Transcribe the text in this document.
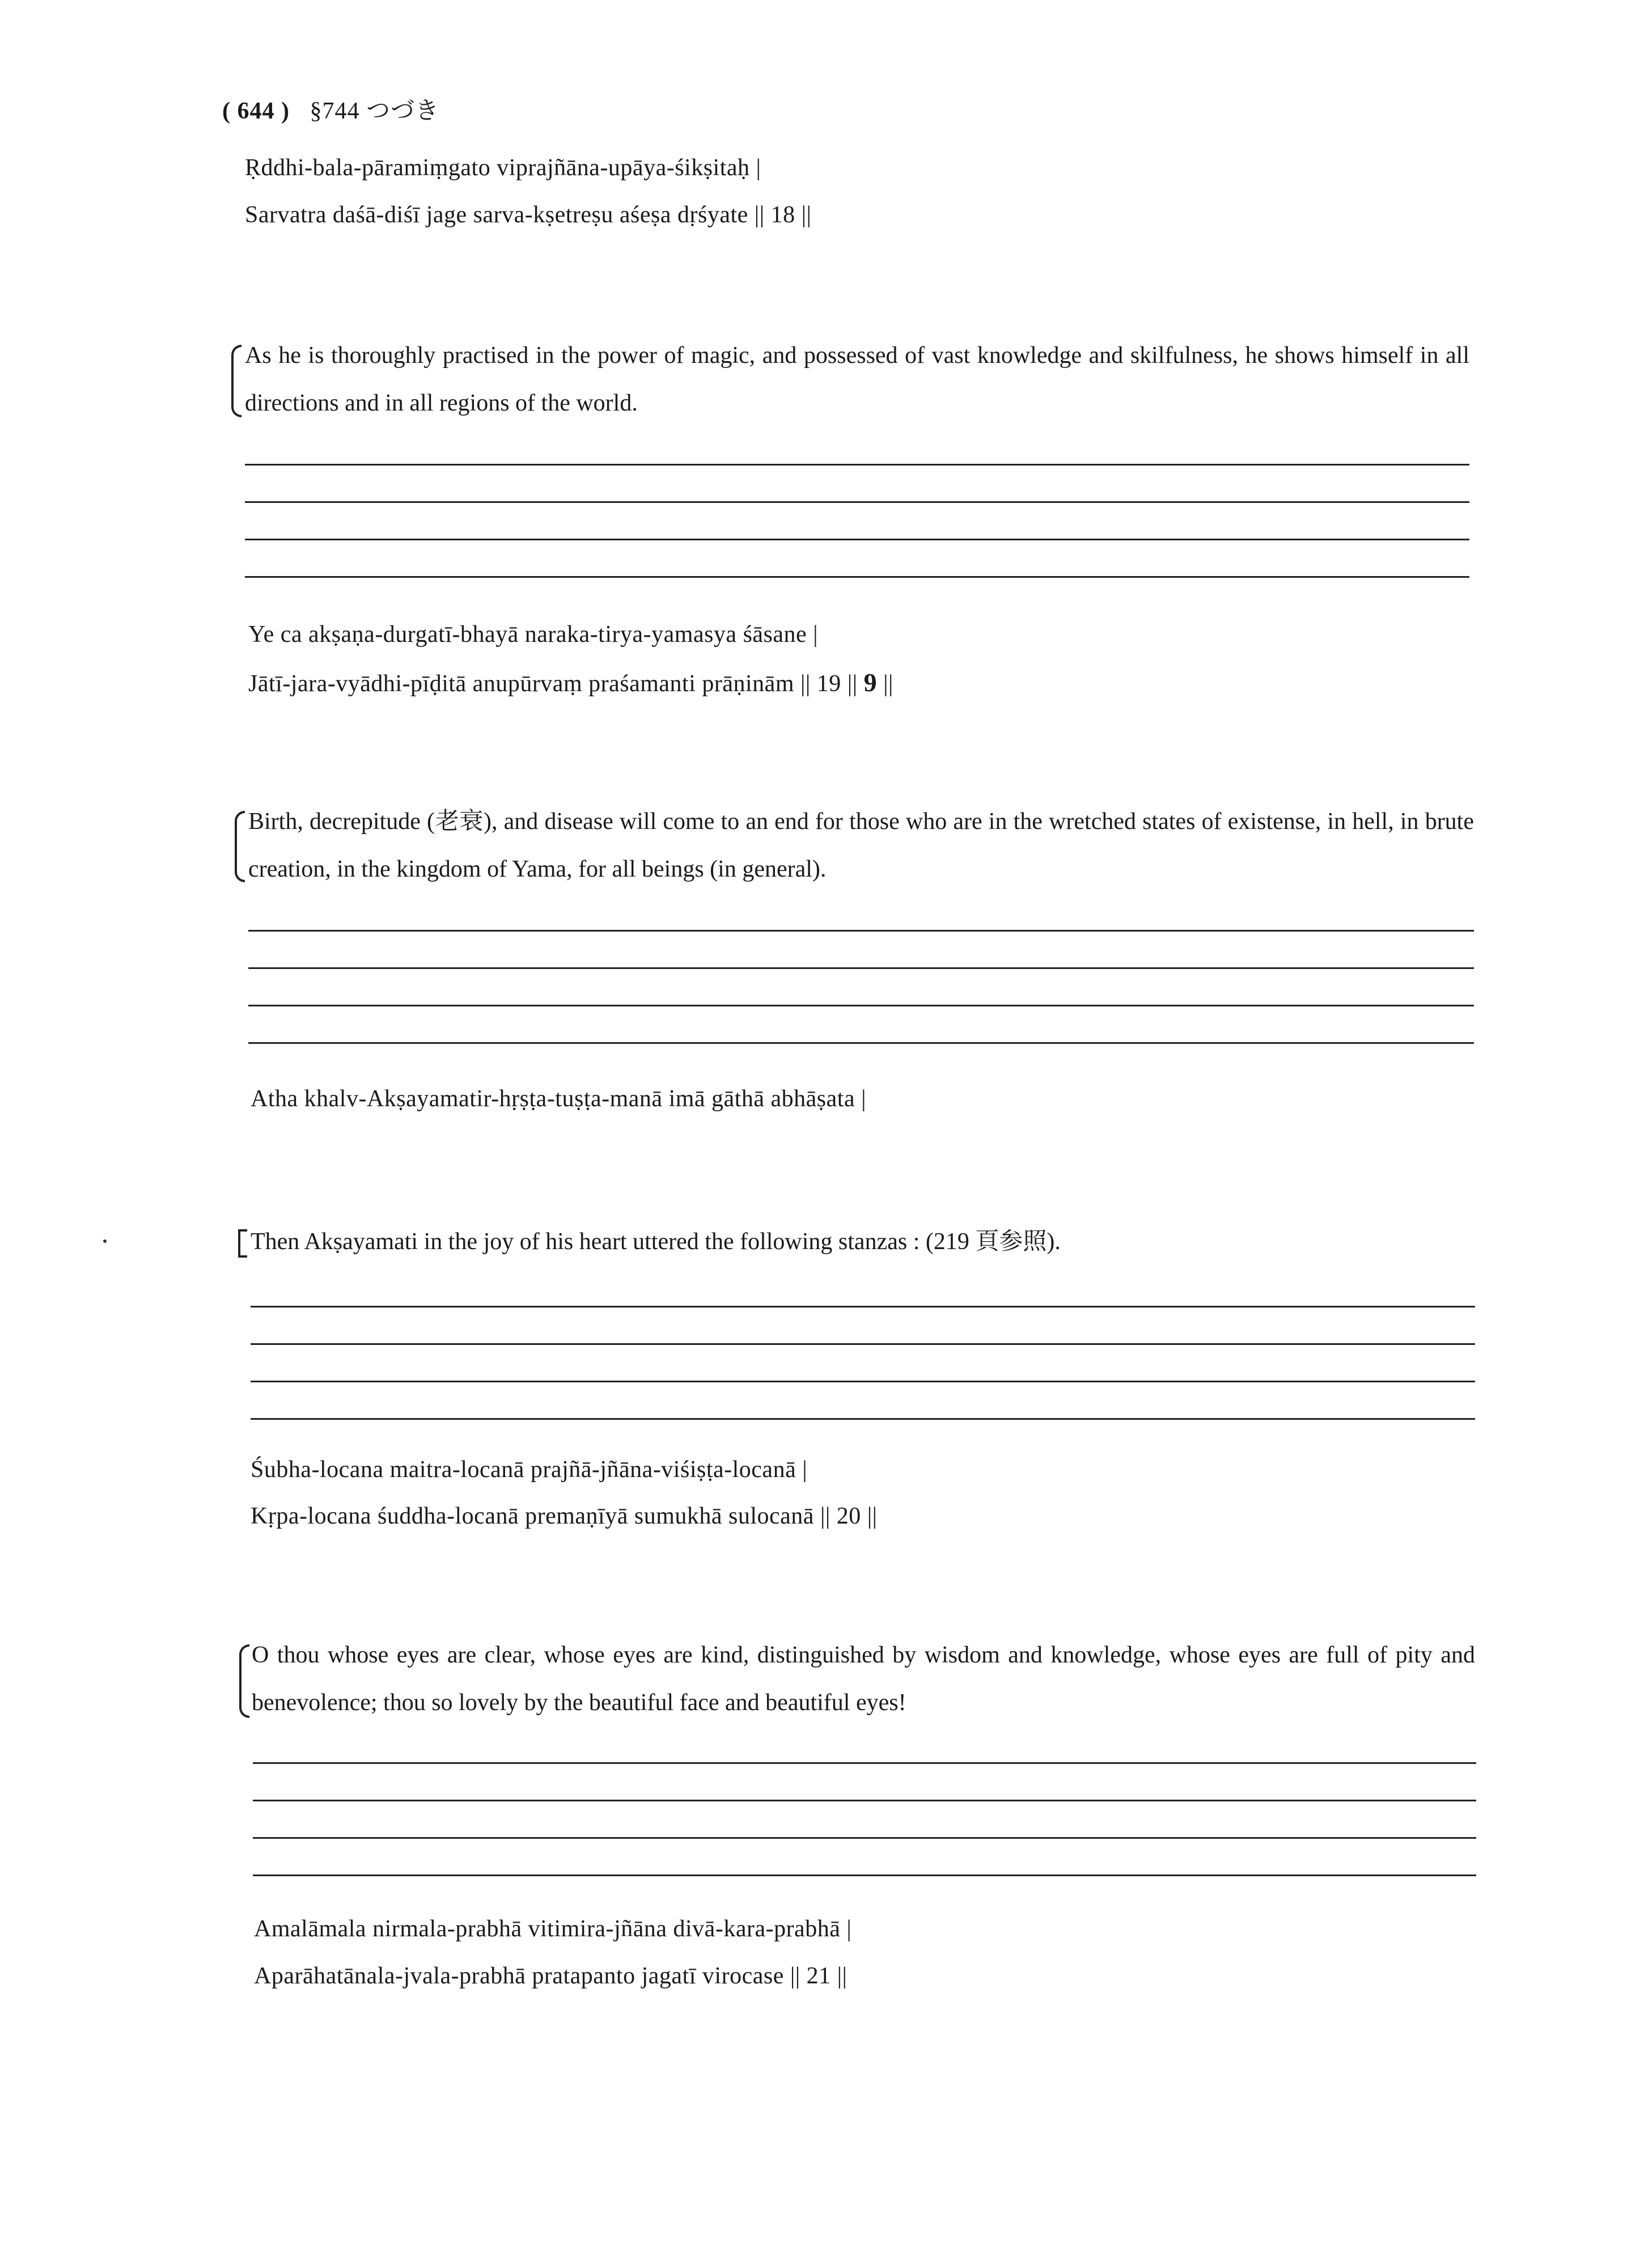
( 644 ) §744 つづき
Ṛddhi-bala-pāramiṃgato viprajñāna-upāya-śikṣitaḥ |
Sarvatra daśā-diśī jage sarva-kṣetreṣu aśeṣa dṛśyate || 18 ||
As he is thoroughly practised in the power of magic, and possessed of vast knowledge and skilfulness, he shows himself in all directions and in all regions of the world.
Ye ca akṣaṇa-durgatī-bhayā naraka-tirya-yamasya śāsane |
Jātī-jara-vyādhi-pīḍitā anupūrvaṃ praśamanti prāṇinām || 19 || 9 ||
Birth, decrepitude (老衰), and disease will come to an end for those who are in the wretched states of existense, in hell, in brute creation, in the kingdom of Yama, for all beings (in general).
Atha khalv-Akṣayamatir-hṛṣṭa-tuṣṭa-manā imā gāthā abhāṣata |
Then Akṣayamati in the joy of his heart uttered the following stanzas : (219 頁参照).
Śubha-locana maitra-locanā prajñā-jñāna-viśiṣṭa-locanā |
Kṛpa-locana śuddha-locanā premaṇīyā sumukhā sulocanā || 20 ||
O thou whose eyes are clear, whose eyes are kind, distinguished by wisdom and knowledge, whose eyes are full of pity and benevolence; thou so lovely by the beautiful face and beautiful eyes!
Amalāmala nirmala-prabhā vitimira-jñāna divā-kara-prabhā |
Aparāhatānala-jvala-prabhā pratapanto jagatī virocase || 21 ||
